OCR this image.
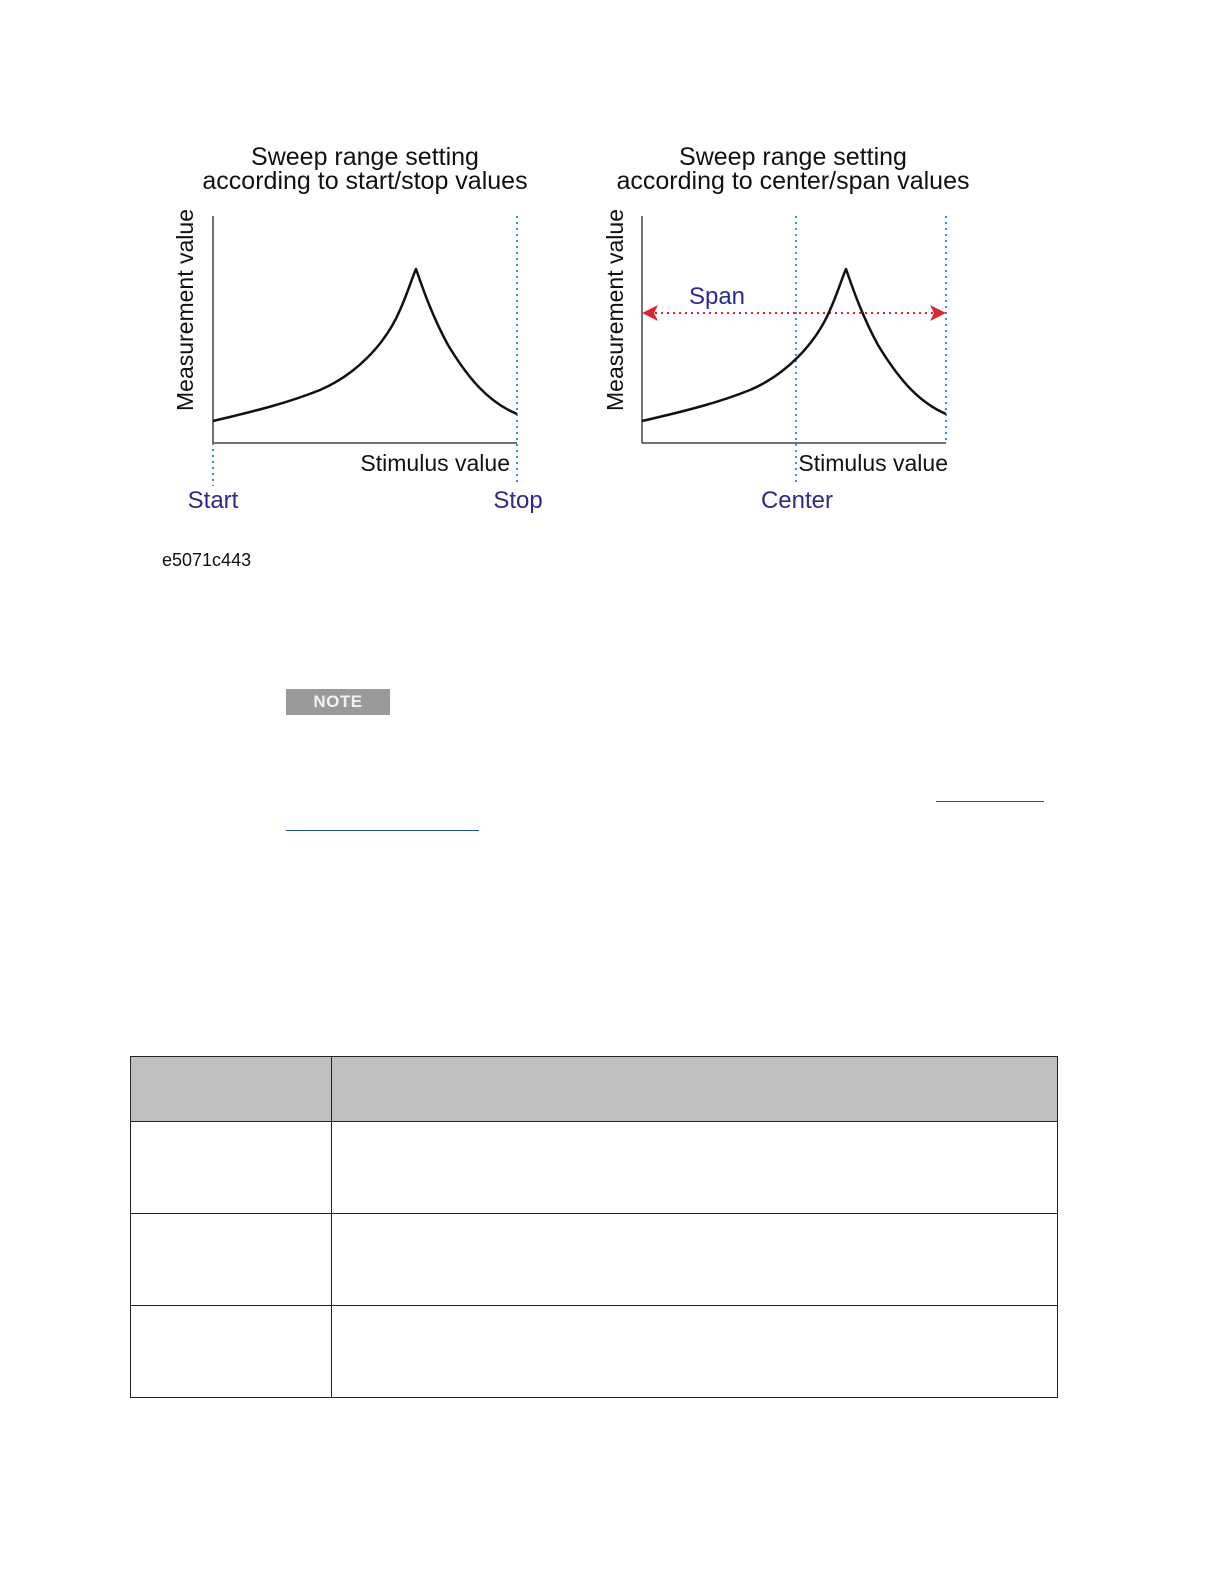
Sweep range setting
according to start/stop values
Measurement value
Stimulus value
Start	Stop
Sweep range setting
according to center/span values
Measurement value	Span
Stimulus value
Center
e5071c443
NOTE
